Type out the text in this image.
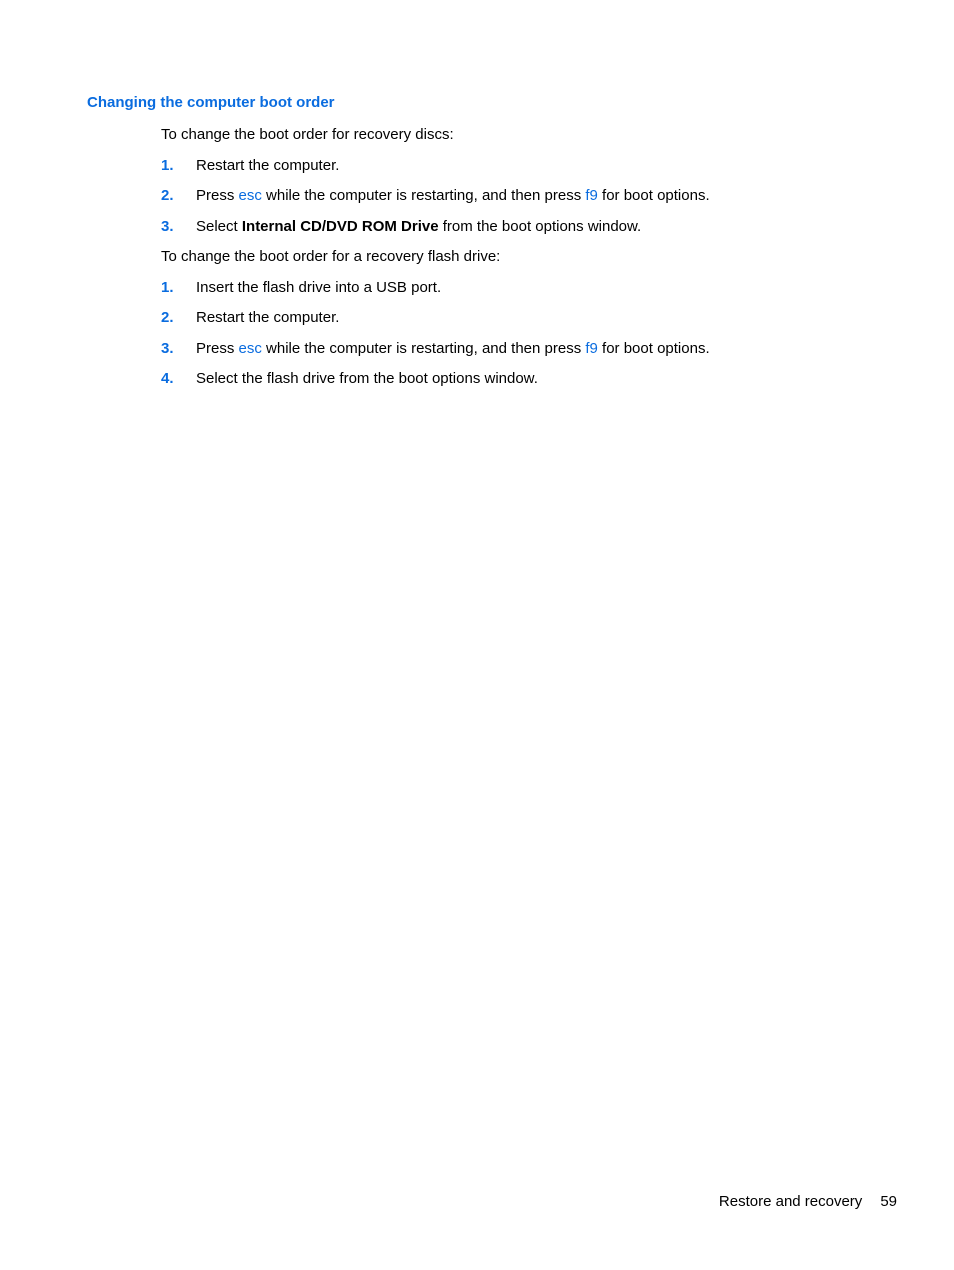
Changing the computer boot order

To change the boot order for recovery discs:

1. Restart the computer.
2. Press esc while the computer is restarting, and then press f9 for boot options.
3. Select Internal CD/DVD ROM Drive from the boot options window.

To change the boot order for a recovery flash drive:

1. Insert the flash drive into a USB port.
2. Restart the computer.
3. Press esc while the computer is restarting, and then press f9 for boot options.
4. Select the flash drive from the boot options window.
Restore and recovery 59
